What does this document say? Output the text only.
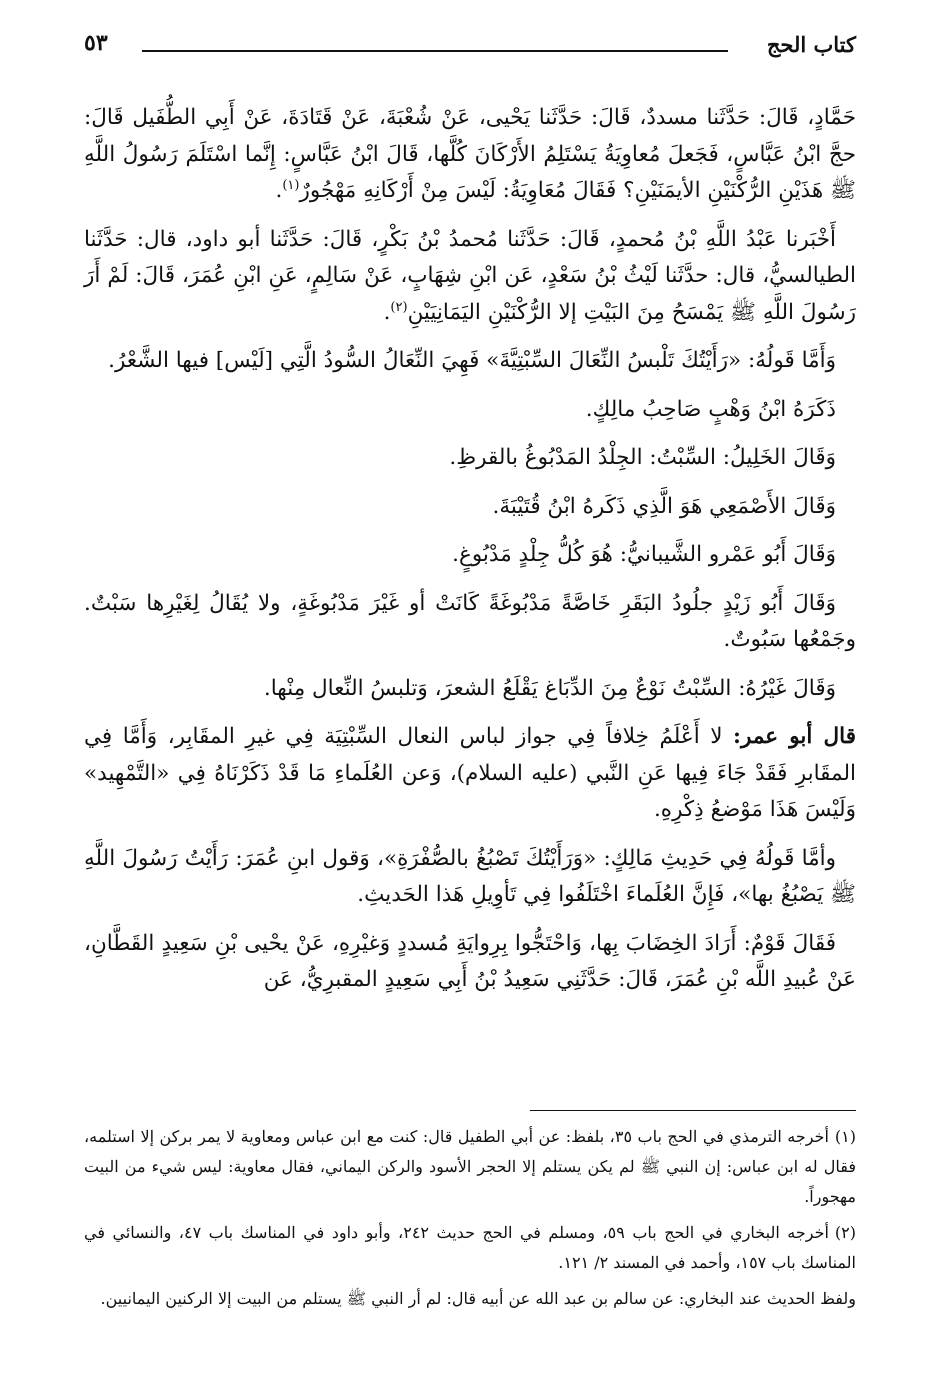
كتاب الحج
٥٣

حَمَّادٍ، قَالَ: حَدَّثَنا مسددٌ، قَالَ: حَدَّثَنا يَحْيى، عَنْ شُعْبَةَ، عَنْ قَتَادَةَ، عَنْ أَبِي الطُّفَيل قَالَ: حجَّ ابْنُ عَبَّاسٍ، فَجَعلَ مُعاوِيَةُ يَسْتَلِمُ الأَرْكَانَ كُلَّها، قَالَ ابْنُ عَبَّاسٍ: إِنَّما اسْتَلَمَ رَسُولُ اللَّهِ ﷺ هَذَيْنِ الرُّكْنَيْنِ الأيمَنَيْنِ؟ فَقَالَ مُعَاوِيَةُ: لَيْسَ مِنْ أَرْكَانِهِ مَهْجُورٌ$^{(١)}$.

أَخْبَرنا عَبْدُ اللَّهِ بْنُ مُحمدٍ، قَالَ: حَدَّثَنا مُحمدُ بْنُ بَكْرٍ، قَالَ: حَدَّثَنا أبو داود، قال: حَدَّثَنا الطيالسيُّ، قال: حدَّثَنا لَيْثُ بْنُ سَعْدٍ، عَن ابْنِ شِهَابٍ، عَنْ سَالِمٍ، عَنِ ابْنِ عُمَرَ، قَالَ: لَمْ أَرَ رَسُولَ اللَّهِ ﷺ يَمْسَحُ مِنَ البَيْتِ إلا الرُّكْنَيْنِ اليَمَانِيَيْنِ$^{(٢)}$.

وَأَمَّا قَولُهُ: «رَأَيْتُكَ تَلْبسُ النِّعَالَ السِّبْتِيَّةَ» فَهِيَ النِّعَالُ السُّودُ الَّتِي [لَيْس] فيها الشَّعْرُ.

ذَكَرَهُ ابْنُ وَهْبٍ صَاحِبُ مالِكٍ.

وَقَالَ الخَلِيلُ: السِّبْتُ: الجِلْدُ المَدْبُوغُ بالقرظِ.

وَقَالَ الأَصْمَعِي هَوَ الَّذِي ذَكَرهُ ابْنُ قُتَيْبَةَ.

وَقَالَ أَبُو عَمْرو الشَّيبانيُّ: هُوَ كُلُّ جِلْدٍ مَدْبُوغٍ.

وَقَالَ أَبُو زَيْدٍ جلُودُ البَقَرِ خَاصَّةً مَدْبُوغَةً كَانَتْ أو غَيْرَ مَدْبُوغَةٍ، ولا يُقَالُ لِغَيْرِها سَبْتٌ. وجَمْعُها سَبُوتٌ.

وَقَالَ غَيْرُهُ: السِّبْتُ نَوْعٌ مِنَ الدِّبَاغ يَقْلَعُ الشعرَ، وَتلبسُ النِّعال مِنْها.

قال أبو عمر: لا أَعْلَمُ خِلافاً فِي جواز لباس النعال السِّبْتِيَة فِي غيرِ المقَابِر، وَأَمَّا فِي المقَابرِ فَقَدْ جَاءَ فِيها عَنِ النَّبي (عليه السلام)، وَعن العُلَماءِ مَا قَدْ ذَكَرْنَاهُ فِي «التَّمْهِيد» وَلَيْسَ هَذَا مَوْضعُ ذِكْرِهِ.

وأمَّا قَولُهُ فِي حَدِيثِ مَالِكٍ: «وَرَأَيْتُكَ تَصْبُغُ بالصُّفْرَةِ»، وَقول ابنِ عُمَرَ: رَأَيْتُ رَسُولَ اللَّهِ ﷺ يَصْبُغُ بها»، فَإِنَّ العُلَماءَ اخْتَلَفُوا فِي تَأوِيلِ هَذا الحَديثِ.

فَقَالَ قَوْمٌ: أَرَادَ الخِضَابَ بِها، وَاحْتَجُّوا بِرِوايَةِ مُسددٍ وَغيْرِهِ، عَنْ يحْيى بْنِ سَعِيدٍ القَطَّانِ، عَنْ عُبيدِ اللَّه بْنِ عُمَرَ، قَالَ: حَدَّثَنِي سَعِيدُ بْنُ أَبِي سَعِيدٍ المقبرِيُّ، عَن

(١)أخرجه الترمذي في الحج باب ٣٥، بلفظ: عن أبي الطفيل قال: كنت مع ابن عباس ومعاوية لا يمر بركن إلا استلمه، فقال له ابن عباس: إن النبي ﷺ لم يكن يستلم إلا الحجر الأسود والركن اليماني، فقال معاوية: ليس شيء من البيت مهجوراً.

(٢)أخرجه البخاري في الحج باب ٥٩، ومسلم في الحج حديث ٢٤٢، وأبو داود في المناسك باب ٤٧، والنسائي في المناسك باب ١٥٧، وأحمد في المسند ٢/ ١٢١.

ولفظ الحديث عند البخاري: عن سالم بن عبد الله عن أبيه قال: لم أر النبي ﷺ يستلم من البيت إلا الركنين اليمانيين.
